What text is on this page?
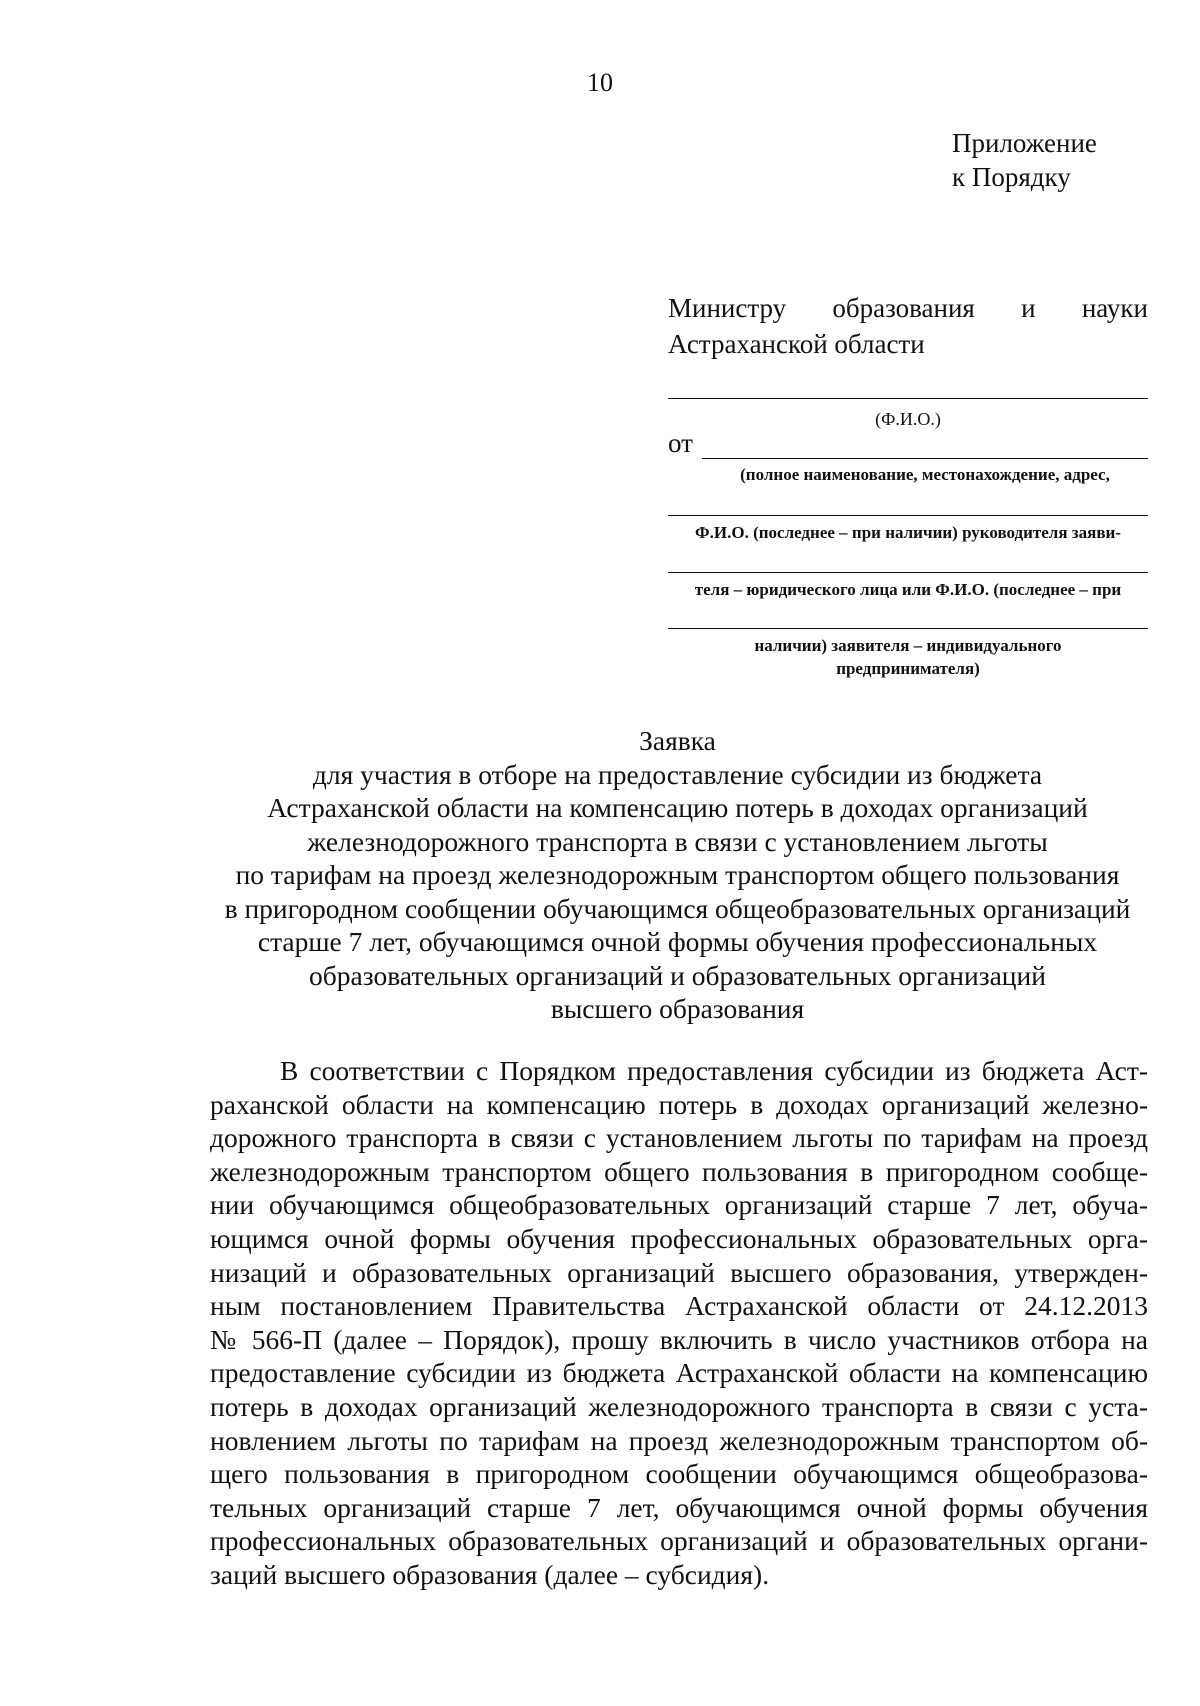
10
Приложение
к Порядку
Министру образования и науки
Астраханской области
(Ф.И.О.)
от
(полное наименование, местонахождение, адрес,
Ф.И.О. (последнее – при наличии) руководителя заяви-
теля – юридического лица или Ф.И.О. (последнее – при
наличии) заявителя – индивидуального
предпринимателя)
Заявка
для участия в отборе на предоставление субсидии из бюджета
Астраханской области на компенсацию потерь в доходах организаций
железнодорожного транспорта в связи с установлением льготы
по тарифам на проезд железнодорожным транспортом общего пользования
в пригородном сообщении обучающимся общеобразовательных организаций
старше 7 лет, обучающимся очной формы обучения профессиональных
образовательных организаций и образовательных организаций
высшего образования
В соответствии с Порядком предоставления субсидии из бюджета Аст-
раханской области на компенсацию потерь в доходах организаций железно-
дорожного транспорта в связи с установлением льготы по тарифам на проезд
железнодорожным транспортом общего пользования в пригородном сообще-
нии обучающимся общеобразовательных организаций старше 7 лет, обуча-
ющимся очной формы обучения профессиональных образовательных орга-
низаций и образовательных организаций высшего образования, утвержден-
ным постановлением Правительства Астраханской области от 24.12.2013
№ 566-П (далее – Порядок), прошу включить в число участников отбора на
предоставление субсидии из бюджета Астраханской области на компенсацию
потерь в доходах организаций железнодорожного транспорта в связи с уста-
новлением льготы по тарифам на проезд железнодорожным транспортом об-
щего пользования в пригородном сообщении обучающимся общеобразова-
тельных организаций старше 7 лет, обучающимся очной формы обучения
профессиональных образовательных организаций и образовательных органи-
заций высшего образования (далее – субсидия).
